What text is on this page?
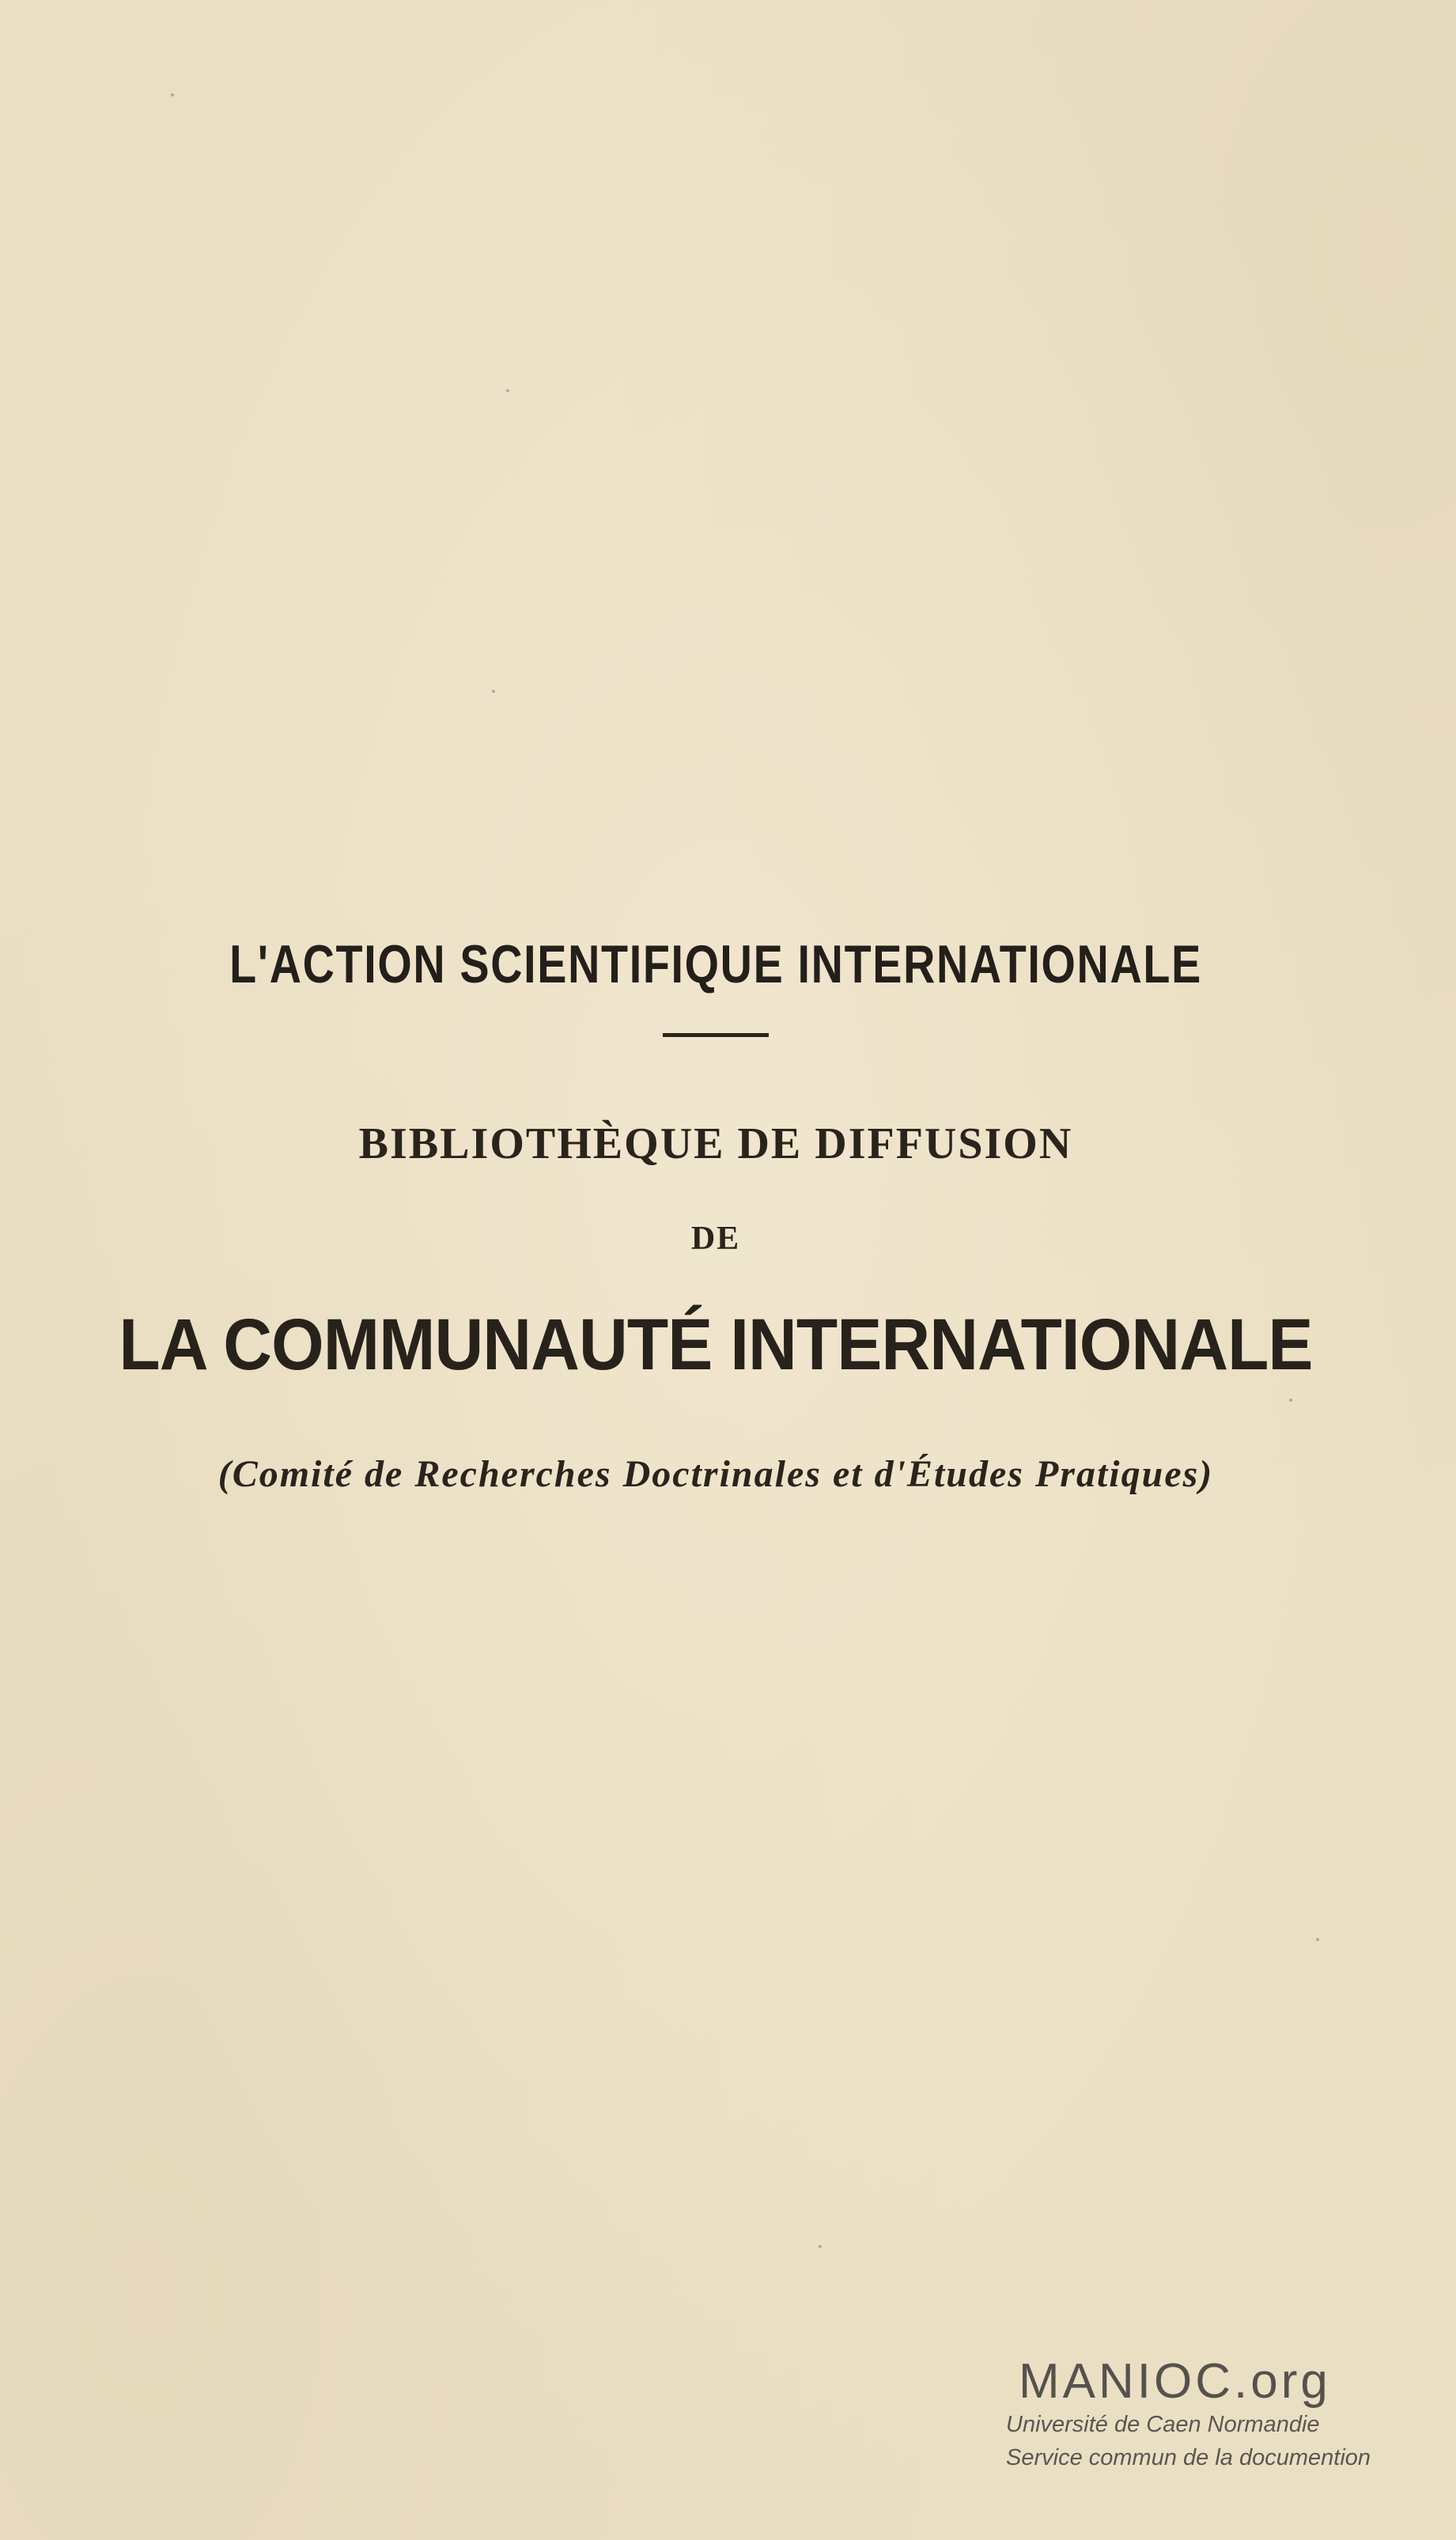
L'ACTION SCIENTIFIQUE INTERNATIONALE
BIBLIOTHÈQUE DE DIFFUSION
DE
LA COMMUNAUTÉ INTERNATIONALE
(Comité de Recherches Doctrinales et d'Études Pratiques)
MANIOC.org
Université de Caen Normandie
Service commun de la documention
